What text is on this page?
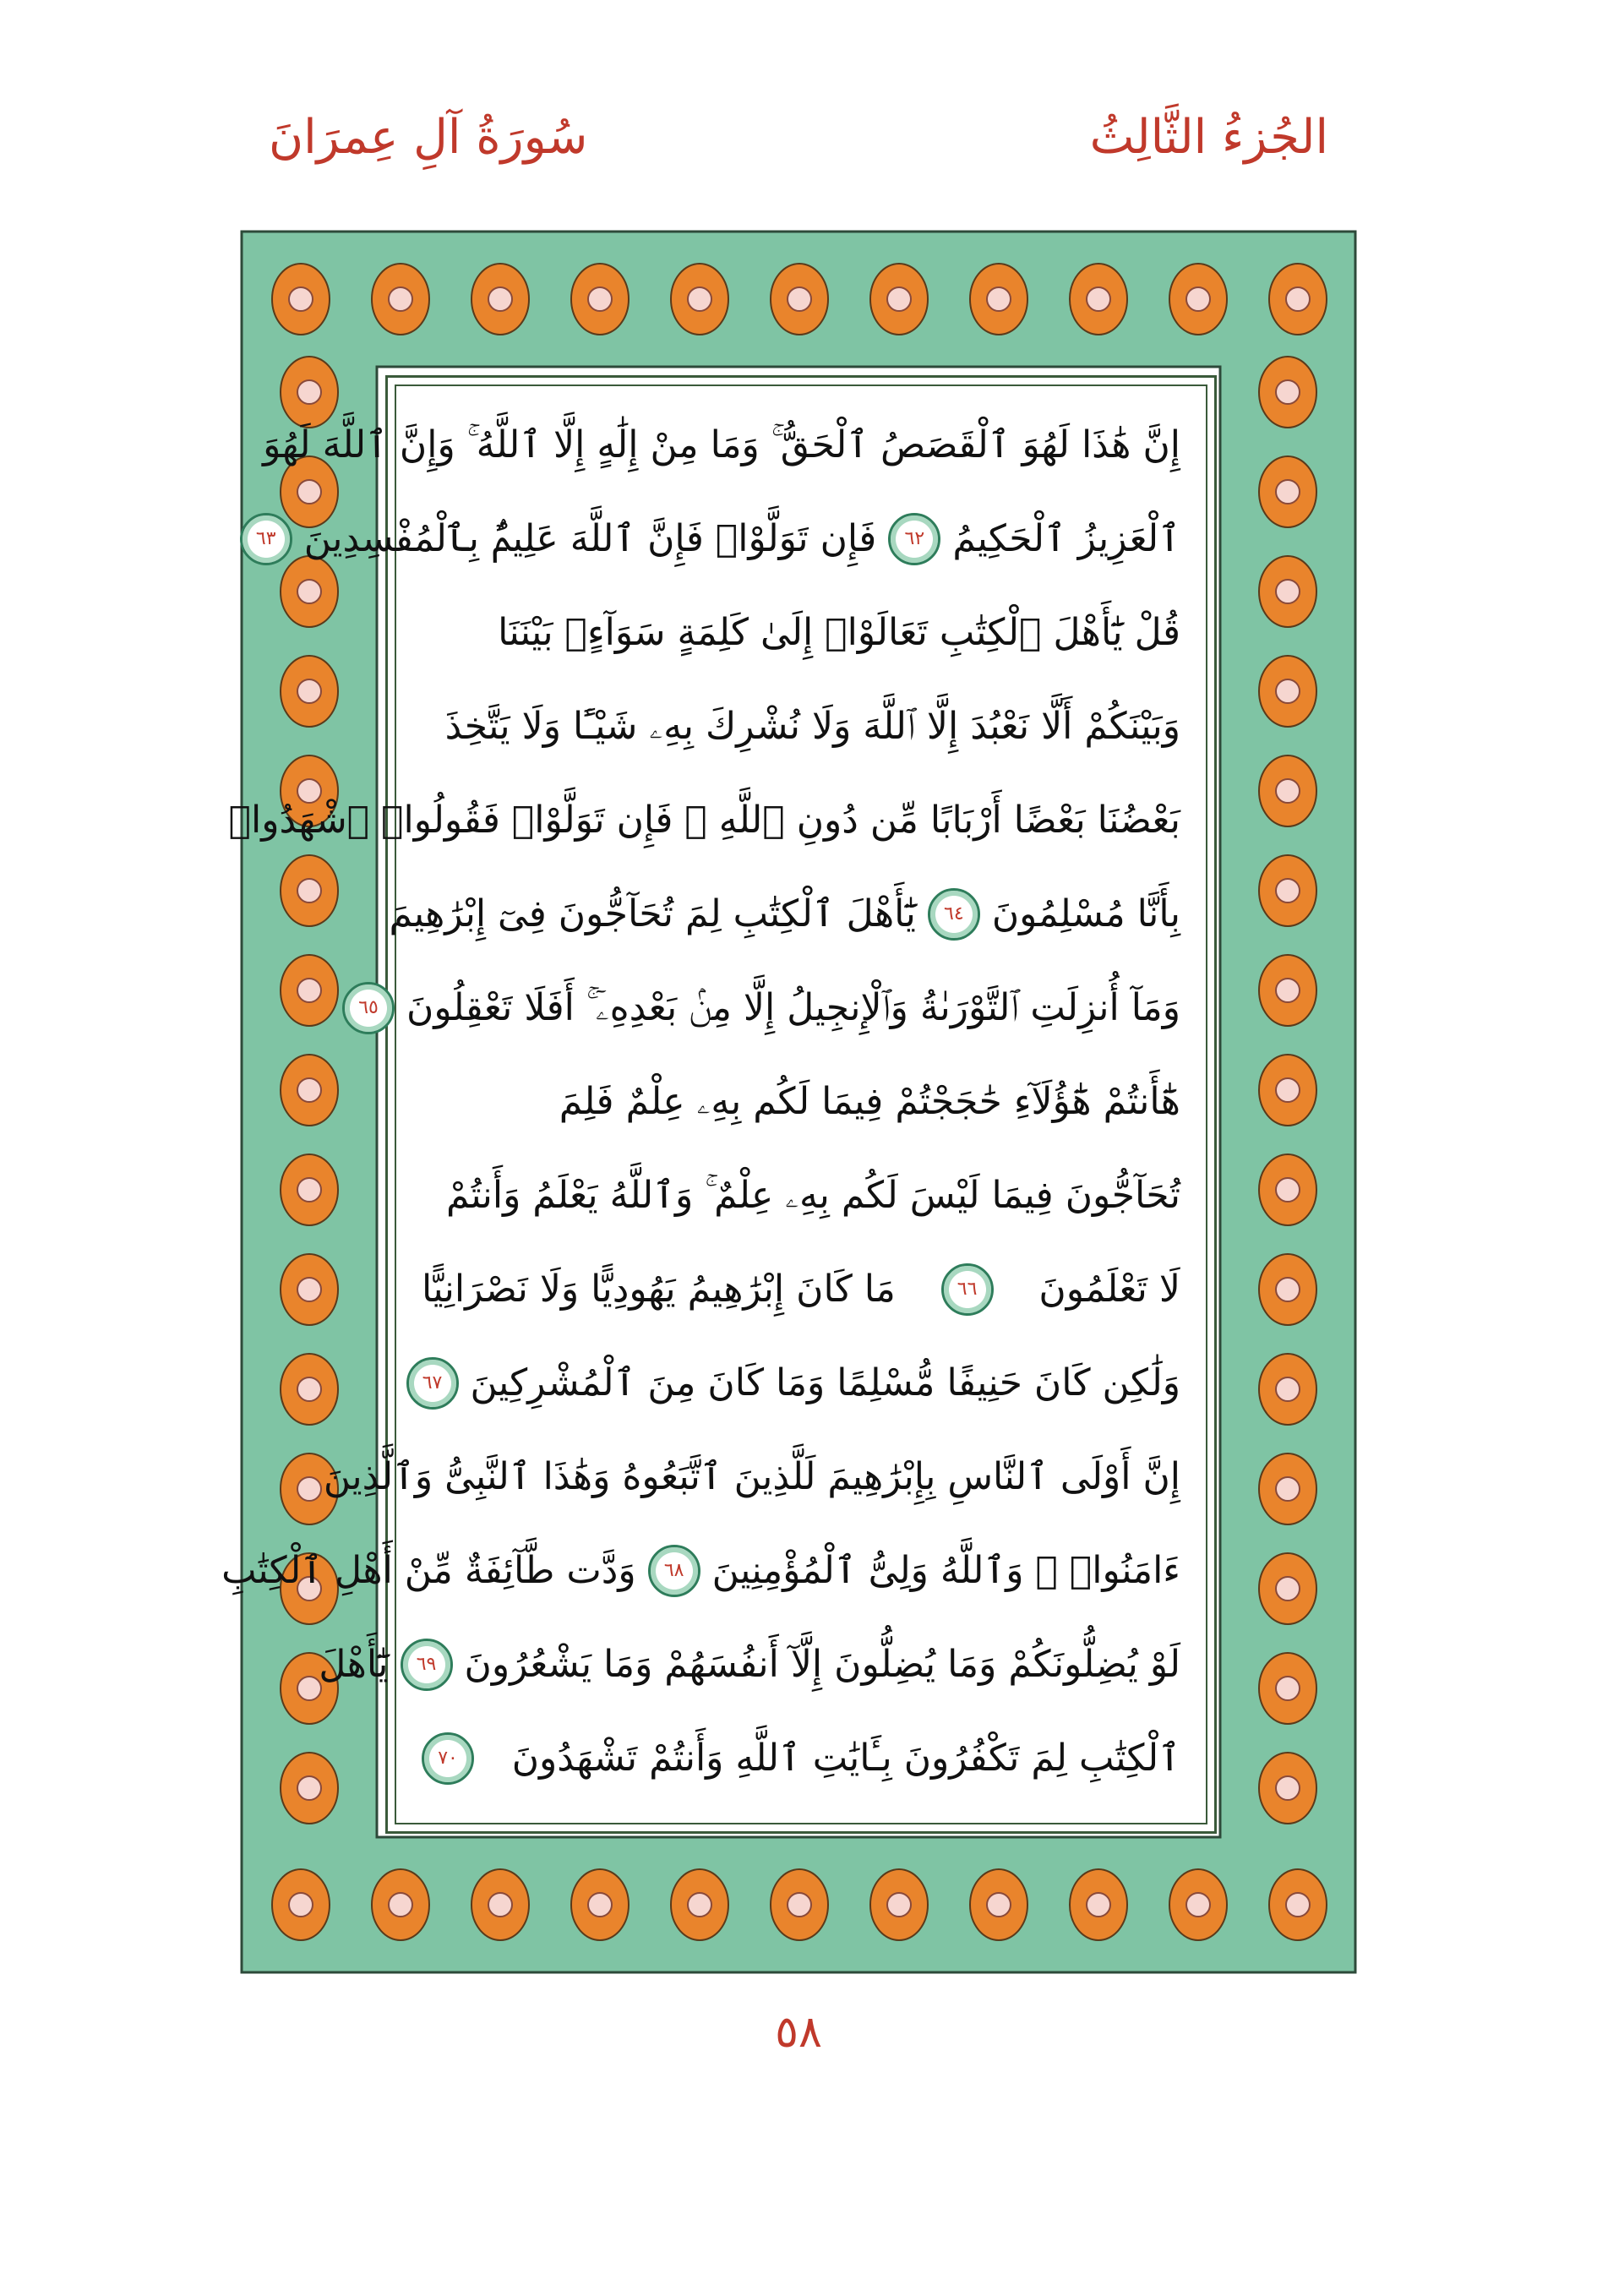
الجُزءُ الثَّالِثُ
سُورَةُ آلِ عِمرَانَ
إِنَّ هَٰذَا لَهُوَ ٱلْقَصَصُ ٱلْحَقُّ ۚ وَمَا مِنْ إِلَٰهٍ إِلَّا ٱللَّهُ ۚ وَإِنَّ ٱللَّهَ لَهُوَ
ٱلْعَزِيزُ ٱلْحَكِيمُ
٦٢
فَإِن تَوَلَّوْا۟ فَإِنَّ ٱللَّهَ عَلِيمٌۢ بِٱلْمُفْسِدِينَ
٦٣
قُلْ يَٰٓأَهْلَ ٱلْكِتَٰبِ تَعَالَوْا۟ إِلَىٰ كَلِمَةٍ سَوَآءٍۭ بَيْنَنَا
وَبَيْنَكُمْ أَلَّا نَعْبُدَ إِلَّا ٱللَّهَ وَلَا نُشْرِكَ بِهِۦ شَيْـًٔا وَلَا يَتَّخِذَ
بَعْضُنَا بَعْضًا أَرْبَابًا مِّن دُونِ ٱللَّهِ ۚ فَإِن تَوَلَّوْا۟ فَقُولُوا۟ ٱشْهَدُوا۟
بِأَنَّا مُسْلِمُونَ
٦٤
يَٰٓأَهْلَ ٱلْكِتَٰبِ لِمَ تُحَآجُّونَ فِىٓ إِبْرَٰهِيمَ
وَمَآ أُنزِلَتِ ٱلتَّوْرَىٰةُ وَٱلْإِنجِيلُ إِلَّا مِنۢ بَعْدِهِۦٓ ۚ أَفَلَا تَعْقِلُونَ
٦٥
هَٰٓأَنتُمْ هَٰٓؤُلَآءِ حَٰجَجْتُمْ فِيمَا لَكُم بِهِۦ عِلْمٌ فَلِمَ
تُحَآجُّونَ فِيمَا لَيْسَ لَكُم بِهِۦ عِلْمٌ ۚ وَٱللَّهُ يَعْلَمُ وَأَنتُمْ
لَا تَعْلَمُونَ
٦٦
مَا كَانَ إِبْرَٰهِيمُ يَهُودِيًّا وَلَا نَصْرَانِيًّا
وَلَٰكِن كَانَ حَنِيفًا مُّسْلِمًا وَمَا كَانَ مِنَ ٱلْمُشْرِكِينَ
٦٧
إِنَّ أَوْلَى ٱلنَّاسِ بِإِبْرَٰهِيمَ لَلَّذِينَ ٱتَّبَعُوهُ وَهَٰذَا ٱلنَّبِىُّ وَٱلَّذِينَ
ءَامَنُوا۟ ۗ وَٱللَّهُ وَلِىُّ ٱلْمُؤْمِنِينَ
٦٨
وَدَّت طَّآئِفَةٌ مِّنْ أَهْلِ ٱلْكِتَٰبِ
لَوْ يُضِلُّونَكُمْ وَمَا يُضِلُّونَ إِلَّآ أَنفُسَهُمْ وَمَا يَشْعُرُونَ
٦٩
يَٰٓأَهْلَ
ٱلْكِتَٰبِ لِمَ تَكْفُرُونَ بِـَٔايَٰتِ ٱللَّهِ وَأَنتُمْ تَشْهَدُونَ
٧٠
٥٨
